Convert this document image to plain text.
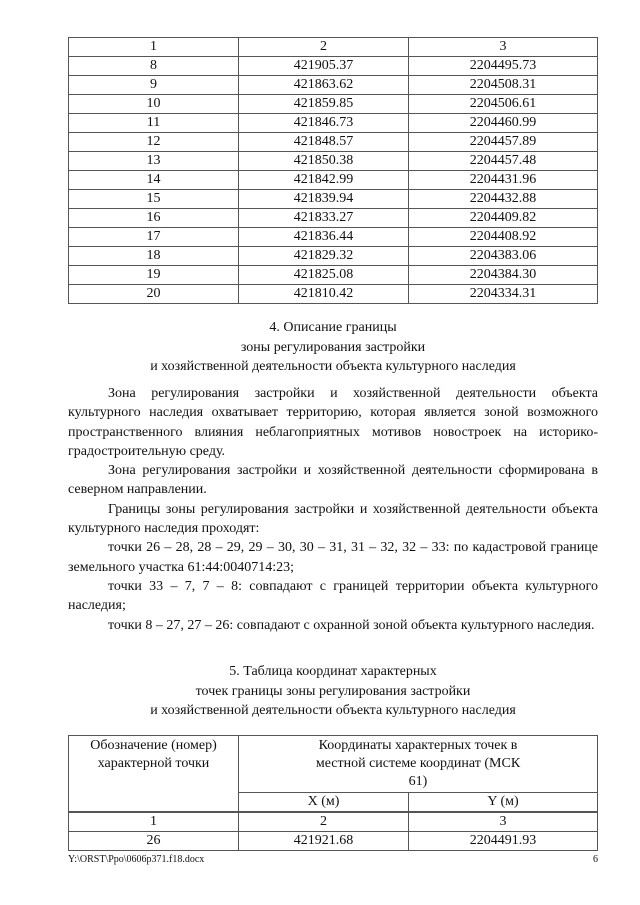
1	2	3
8	421905.37	2204495.73
9	421863.62	2204508.31
10	421859.85	2204506.61
11	421846.73	2204460.99
12	421848.57	2204457.89
13	421850.38	2204457.48
14	421842.99	2204431.96
15	421839.94	2204432.88
16	421833.27	2204409.82
17	421836.44	2204408.92
18	421829.32	2204383.06
19	421825.08	2204384.30
20	421810.42	2204334.31
4. Описание границы
зоны регулирования застройки
и хозяйственной деятельности объекта культурного наследия

Зона регулирования застройки и хозяйственной деятельности объекта культурного наследия охватывает территорию, которая является зоной возможного пространственного влияния неблагоприятных мотивов новостроек на историко-градостроительную среду.

Зона регулирования застройки и хозяйственной деятельности сформирована в северном направлении.

Границы зоны регулирования застройки и хозяйственной деятельности объекта культурного наследия проходят:

точки 26 – 28, 28 – 29, 29 – 30, 30 – 31, 31 – 32, 32 – 33: по кадастровой границе земельного участка 61:44:0040714:23;

точки 33 – 7, 7 – 8: совпадают с границей территории объекта культурного наследия;

точки 8 – 27, 27 – 26: совпадают с охранной зоной объекта культурного наследия.

5. Таблица координат характерных
точек границы зоны регулирования застройки
и хозяйственной деятельности объекта культурного наследия
Обозначение (номер) характерной точки	Координаты характерных точек в местной системе координат (МСК 61)	
	X (м)	Y (м)
1	2	3
26	421921.68	2204491.93
Y:\ORST\Ppo\0606p371.f18.docx	6
